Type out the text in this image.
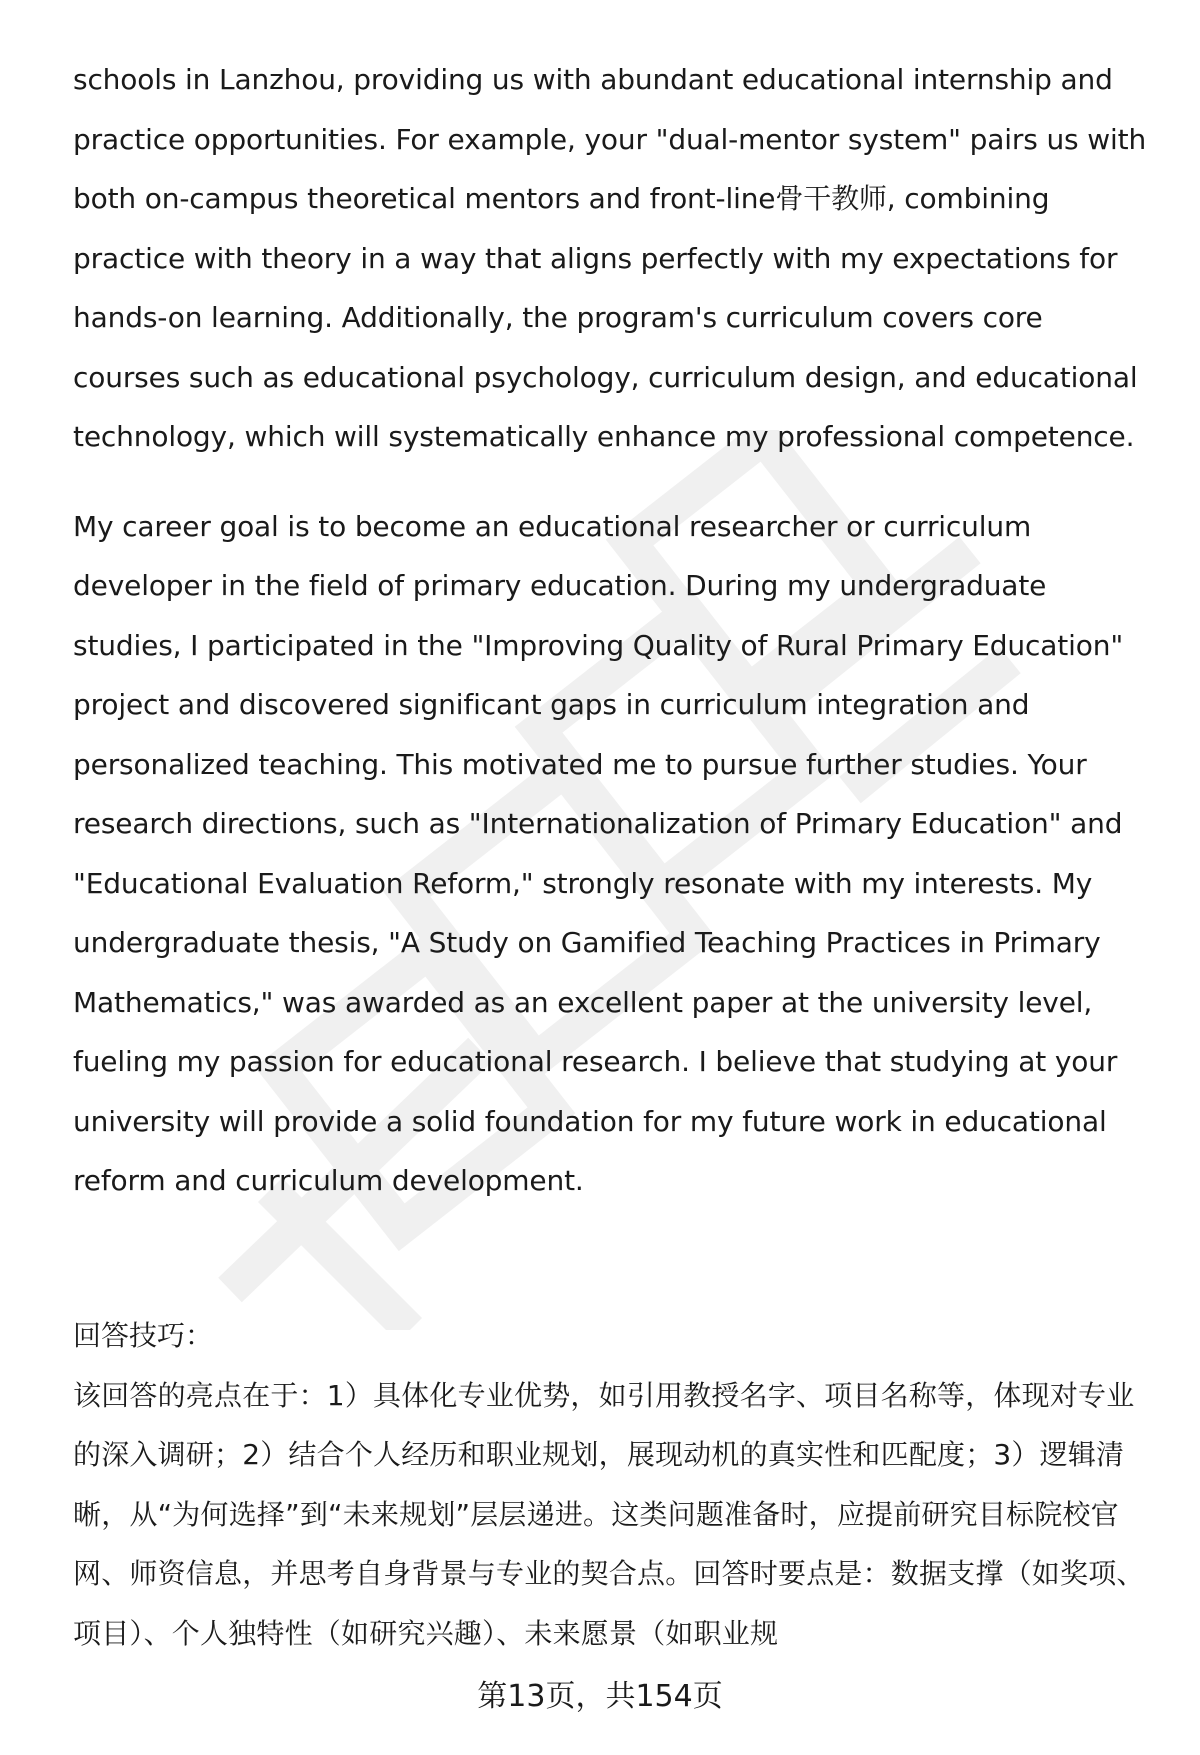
schools in Lanzhou, providing us with abundant educational internship and practice opportunities. For example, your "dual-mentor system" pairs us with both on-campus theoretical mentors and front-line骨干教师, combining practice with theory in a way that aligns perfectly with my expectations for hands-on learning. Additionally, the program's curriculum covers core courses such as educational psychology, curriculum design, and educational technology, which will systematically enhance my professional competence.

My career goal is to become an educational researcher or curriculum developer in the field of primary education. During my undergraduate studies, I participated in the "Improving Quality of Rural Primary Education" project and discovered significant gaps in curriculum integration and personalized teaching. This motivated me to pursue further studies. Your research directions, such as "Internationalization of Primary Education" and "Educational Evaluation Reform," strongly resonate with my interests. My undergraduate thesis, "A Study on Gamified Teaching Practices in Primary Mathematics," was awarded as an excellent paper at the university level, fueling my passion for educational research. I believe that studying at your university will provide a solid foundation for my future work in educational reform and curriculum development.

回答技巧：

该回答的亮点在于：1）具体化专业优势，如引用教授名字、项目名称等，体现对专业的深入调研；2）结合个人经历和职业规划，展现动机的真实性和匹配度；3）逻辑清晰，从“为何选择”到“未来规划”层层递进。这类问题准备时，应提前研究目标院校官网、师资信息，并思考自身背景与专业的契合点。回答时要点是：数据支撑（如奖项、项目）、个人独特性（如研究兴趣）、未来愿景（如职业规

第13页，共154页
